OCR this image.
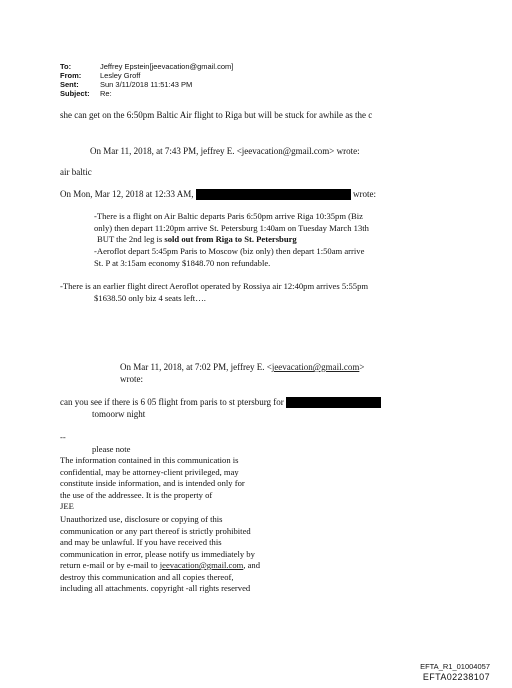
To:	Jeffrey Epstein[jeevacation@gmail.com]
From:	Lesley Groff
Sent:	Sun 3/11/2018 11:51:43 PM
Subject: Re:
she can get on the 6:50pm Baltic Air flight to Riga but will be stuck for awhile as the c
On Mar 11, 2018, at 7:43 PM, jeffrey E. <jeevacation@gmail.com> wrote:
air baltic
On Mon, Mar 12, 2018 at 12:33 AM,	wrote:
-There is a flight on Air Baltic departs Paris 6:50pm arrive Riga 10:35pm (Biz
only) then depart 11:20pm arrive St. Petersburg 1:40am on Tuesday March 13th
BUT the 2nd leg is sold out from Riga to St. Petersburg
-Aeroflot depart 5:45pm Paris to Moscow (biz only) then depart 1:50am arrive
St. P at 3:15am economy $1848.70 non refundable.
-There is an earlier flight direct Aeroflot operated by Rossiya air 12:40pm arrives 5:55pm
$1638.50 only biz 4 seats left….
On Mar 11, 2018, at 7:02 PM, jeffrey E. <jeevacation@gmail.com>
wrote:
can you see if there is 6 05 flight from paris to st ptersburg for
tomoorw night
--
please note
The information contained in this communication is
confidential, may be attorney-client privileged, may
constitute inside information, and is intended only for
the use of the addressee. It is the property of
JEE
Unauthorized use, disclosure or copying of this
communication or any part thereof is strictly prohibited
and may be unlawful. If you have received this
communication in error, please notify us immediately by
return e-mail or by e-mail to jeevacation@gmail.com, and
destroy this communication and all copies thereof,
including all attachments. copyright -all rights reserved
EFTA_R1_01004057
EFTA02238107
